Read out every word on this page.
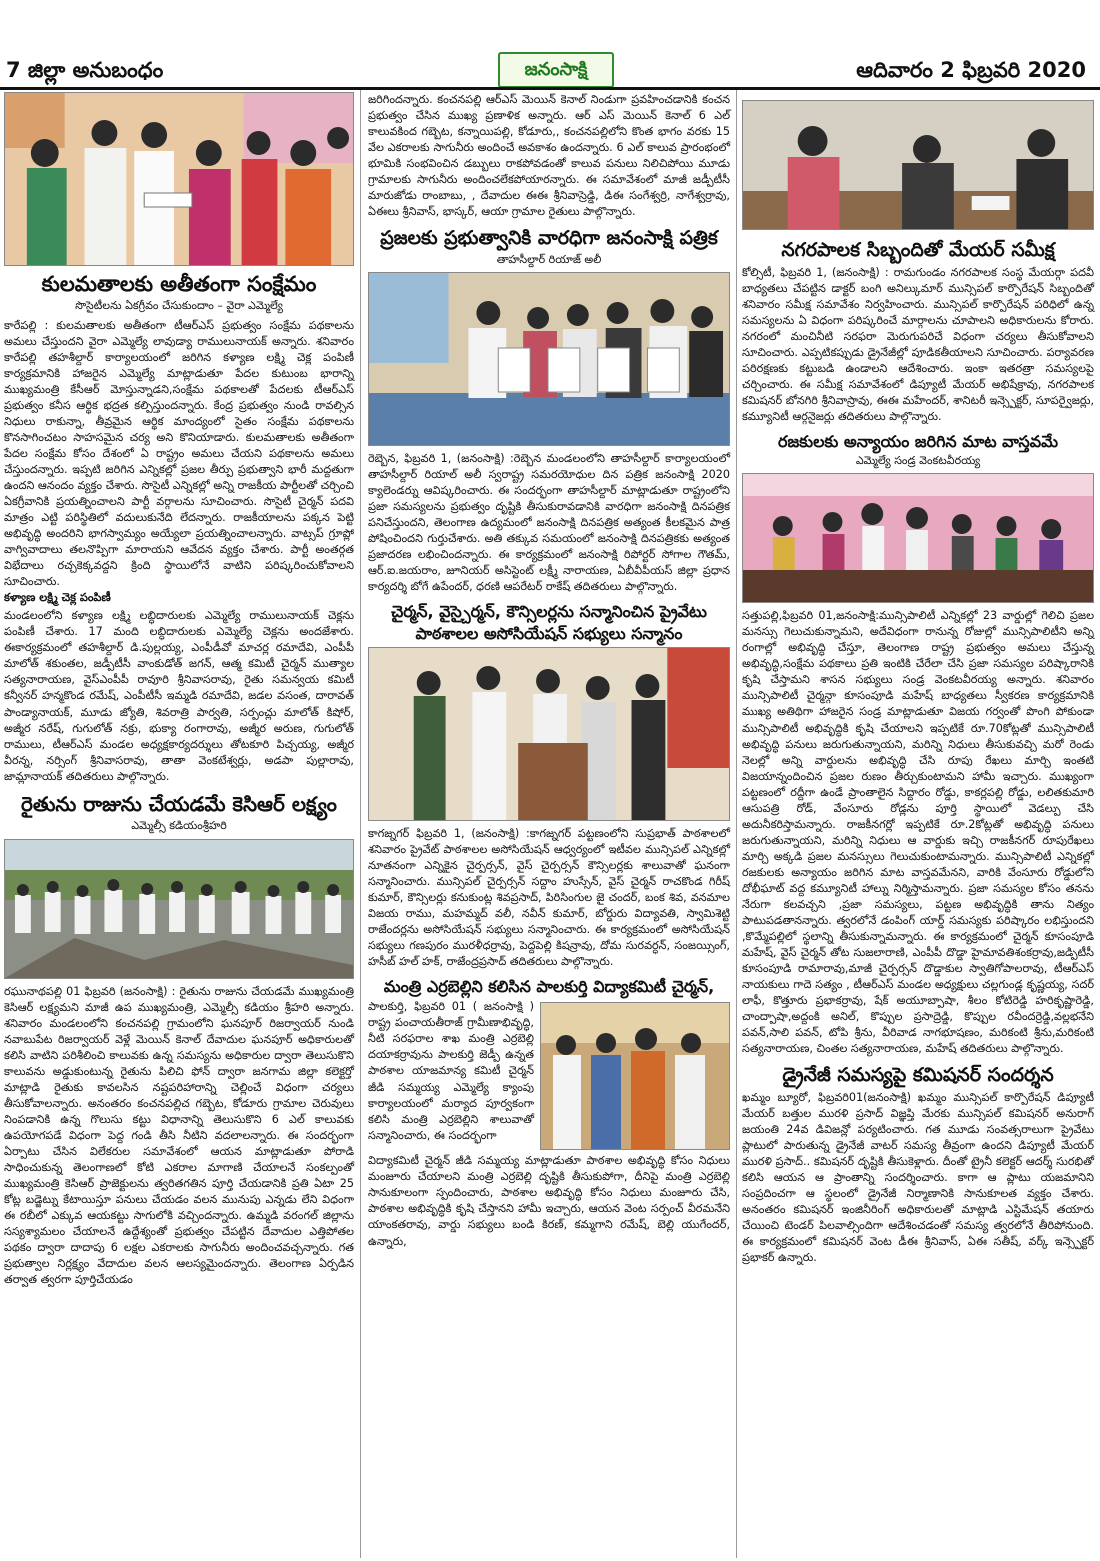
7 జిల్లా అనుబంధం	జనంసాక్షి	ఆదివారం 2 ఫిబ్రవరి 2020
కులమతాలకు అతీతంగా సంక్షేమం
సొసైటీలను ఏకగ్రీవం చేసుకుందాం – వైరా ఎమ్మెల్యే

కారేపల్లి : కులమతాలకు అతీతంగా టీఆర్ఎస్ ప్రభుత్వం సంక్షేమ పథకాలను అమలు చేస్తుందని వైరా ఎమ్మెల్యే లావుడ్యా రాములునాయక్ అన్నారు. శనివారం కారేపల్లి తహశీల్దార్ కార్యాలయంలో జరిగిన కళ్యాణ లక్ష్మి చెక్ల పంపిణీ కార్యక్రమానికి హాజరైన ఎమ్మెల్యే మాట్లాడుతూ పేదల కుటుంబ భారాన్ని ముఖ్యమంత్రి కేసీఆర్ మోస్తున్నాడని,సంక్షేమ పథకాలతో పేదలకు టీఆర్ఎస్ ప్రభుత్వం కనీస ఆర్థిక భద్రత కల్పిస్తుందన్నారు. కేంద్ర ప్రభుత్వం నుండి రావల్సిన నిధులు రాకున్నా, తీవ్రమైన ఆర్థిక మాంద్యంలో సైతం సంక్షేమ పథకాలను కొనసాగించటం సాహసమైన చర్య అని కొనియాడారు. కులమతాలకు అతీతంగా పేదల సంక్షేమ కోసం దేశంలో ఏ రాష్ట్రం అమలు చేయని పథకాలను అమలు చేస్తుందన్నారు. ఇప్పటి జరిగిన ఎన్నికల్లో ప్రజల తీర్పు ప్రభుత్వాని భారీ మద్దతుగా ఉందని ఆనందం వ్యక్తం చేశారు. సొసైటీ ఎన్నికల్లో అన్ని రాజకీయ పార్టీలతో చర్చించి ఏకగ్రీవానికి ప్రయత్నించాలని పార్టీ వర్గాలను సూచించారు. సొసైటీ చైర్మన్ పదవి మాత్రం ఎట్టి పరిస్థితిలో వదులుకునేది లేదన్నారు. రాజకీయాలను పక్కన పెట్టి అభివృద్ధి అందరిని భాగస్వామ్యం అయ్యేలా ప్రయత్నించాలన్నారు. వాట్సప్ గ్రూప్లో వాగ్వివాదాలు తలనొప్పిగా మారాయని ఆవేదన వ్యక్తం చేశారు. పార్టీ అంతర్గత విభేదాలు రచ్చకెక్కవద్దని క్రింది స్థాయిలోనే వాటిని పరిష్కరించుకోవాలని సూచించారు.

కళ్యాణ లక్ష్మి చెక్ల పంపిణీ

మండలంలోని కళ్యాణ లక్ష్మి లబ్ధిదారులకు ఎమ్మెల్యే రాములునాయక్ చెక్లను పంపిణీ చేశారు. 17 మంది లబ్ధిదారులకు ఎమ్మెల్యే చెక్లను అందజేశారు. ఈకార్యక్రమంలో తహశీల్దార్ డి.పుల్లయ్య, ఎంపీడీవో మాచర్ల రమాదేవి, ఎంపీపీ మాలోత్ శకుంతల, జడ్పీటీసీ వాంకుడోత్ జగన్, ఆత్మ కమిటీ చైర్మన్ ముత్యాల సత్యనారాయణ, వైస్ఎంపీపీ రావూరి శ్రీనివాసరావు, రైతు సమన్వయ కమిటీ కన్వీనర్ హన్మకొండ రమేష్, ఎంపీటీసీ ఇమ్మడి రమాదేవి, జడల వసంత, దారావత్ పాండ్యానాయక్, మూడు జ్యోతి, శివరాత్రి పార్వతి, సర్పంచ్లు మాలోత్ కిషోర్, అజ్మీర నరేష్, గుగులోత్ నక్రు, భుక్యా రంగారావు, అజ్మీర అరుణ, గుగులోత్ రాములు, టీఆర్ఎస్ మండల అధ్యక్షకార్యదర్శులు తోటకూరి పిచ్చయ్య, అజ్మీర వీరన్న, నర్సింగ్ శ్రీనివాసరావు, తాతా వెంకటేశ్వర్లు, అడపా పుల్లారావు, జామ్లానాయక్ తదితరులు పాల్గొన్నారు.

రైతును రాజును చేయడమే కెసిఆర్ లక్ష్యం
ఎమ్మెల్సీ కడియంశ్రీహరి

రఘునాథపల్లి 01 ఫిబ్రవరి (జనంసాక్షి) : రైతును రాజును చేయడమే ముఖ్యమంత్రి కెసిఆర్ లక్ష్యమని మాజీ ఉప ముఖ్యమంత్రి, ఎమ్మెల్సీ కడియం శ్రీహరి అన్నారు. శనివారం మండలంలోని కంచనపల్లి గ్రామంలోని ఘనపూర్ రిజర్వాయర్ నుండి నవాబుపేట రిజర్వాయర్ వెళ్లే మెయిన్ కెనాల్ దేవాదుల ఘనపూర్ అధికారులతో కలిసి వాటిని పరిశీలించి కాలువకు ఉన్న సమస్యను అధికారుల ద్వారా తెలుసుకొని కాలువను అడ్డుకుంటున్న రైతును పిలిచి ఫోన్ ద్వారా జనగామ జిల్లా కలెక్టర్తో మాట్లాడి రైతుకు కావలసిన నష్టపరిహారాన్ని చెల్లించే విధంగా చర్యలు తీసుకోవాలన్నారు. అనంతరం కంచనపల్లిచ గబ్బెట, కోడూరు గ్రామాల చెరువులు నింపడానికి ఉన్న గొలుసు కట్టు విధానాన్ని తెలుసుకొని 6 ఎల్ కాలువకు ఉపయోగపడే విధంగా పెద్ద గండి తీసి నీటిని వదలాలన్నారు. ఈ సందర్భంగా ఏర్పాటు చేసిన విలేకరుల సమావేశంలో ఆయన మాట్లాడుతూ పోరాడి సాధించుకున్న తెలంగాణలో కోటి ఎకరాల మాగాణి చేయాలనే సంకల్పంతో ముఖ్యమంత్రి కెసిఆర్ ప్రాజెక్టులను త్వరితగతిన పూర్తి చేయడానికి ప్రతి ఏటా 25 కోట్ల బడ్జెట్ను కేటాయిస్తూ పనులు చేయడం వలన మునుపు ఎన్నడు లేని విధంగా ఈ రబీలో ఎక్కువ ఆయకట్టు సాగులోకి వచ్చిందన్నారు. ఉమ్మడి వరంగల్ జిల్లాను సస్యశ్యామలం చేయాలనే ఉద్దేశ్యంతో ప్రభుత్వం చేపట్టిన దేవాదుల ఎత్తిపోతల పథకం ద్వారా దాదాపు 6 లక్షల ఎకరాలకు సాగునీరు అందించవచ్చన్నారు. గత ప్రభుత్వాల నిర్లక్ష్యం వేదాదుల వలన ఆలస్యమైందన్నారు. తెలంగాణ ఏర్పడిన తర్వాత త్వరగా పూర్తిచేయడం

జరిగిందన్నారు. కంచనపల్లి ఆర్ఎస్ మెయిన్ కెనాల్ నిండుగా ప్రవహించడానికి కంచన ప్రభుత్వం చేసిన ముఖ్య ప్రణాళిక అన్నారు. ఆర్ ఎస్ మెయిన్ కెనాల్ 6 ఎల్ కాలువకింద గబ్బెట, కన్నాయిపల్లి, కోడూరు,, కంచనపల్లిలోని కొంత భాగం వరకు 15 వేల ఎకరాలకు సాగునీరు అందించే అవకాశం ఉందన్నారు. 6 ఎల్ కాలువ ప్రారంభంలో భూమికి సంభవించిన డబ్బులు రాకపోవడంతో కాలువ పనులు నిలిచిపోయి మూడు గ్రామాలకు సాగునీరు అందించలేకపోయారన్నారు. ఈ సమావేశంలో మాజీ జడ్పీటీసీ మారుజోడు రాంబాబు, , దేవాదుల ఈఈ శ్రీనివాస్రెడ్డి, డిఈ సంగేశ్వర్రి, నాగేశ్వర్రావు, ఏఈలు శ్రీనివాస్, భాస్కర్, ఆయా గ్రామాల రైతులు పాల్గొన్నారు.

ప్రజలకు ప్రభుత్వానికి వారధిగా జనంసాక్షి పత్రిక
తాహసీల్దార్ రియాజ్ అలీ

రెబ్బెన, ఫిబ్రవరి 1, (జనంసాక్షి) :రెబ్బెన మండలంలోని తాహసీల్దార్ కార్యాలయంలో తాహసీల్దార్ రియాల్ అలీ స్వరాష్ట్ర సమరయోధుల దిన పత్రిక జనంసాక్షి 2020 క్యాలెండర్ను ఆవిష్కరించారు. ఈ సందర్భంగా తాహసీల్దార్ మాట్లాడుతూ రాష్ట్రంలోని ప్రజా సమస్యలను ప్రభుత్వం దృష్టికి తీసుకురావడానికి వారధిగా జనంసాక్షి దినపత్రిక పనిచేస్తుందని, తెలంగాణ ఉద్యమంలో జనంసాక్షి దినపత్రిక అత్యంత కీలకమైన పాత్ర పోషించిందని గుర్తుచేశారు. అతి తక్కువ సమయంలో జనంసాక్షి దినపత్రికకు అత్యంత ప్రజాదరణ లభించిందన్నారు. ఈ కార్యక్రమంలో జనంసాక్షి రిపోర్టర్ సోగాల గౌతమ్, ఆర్.ఐ.జయరాం, జూనియర్ అసిస్టెంట్ లక్ష్మీ నారాయణ, ఏబీవీపీయస్ జిల్లా ప్రధాన కార్యదర్శి బోగే ఉపేందర్, ధరణి ఆపరేటర్ రాకేష్ తదితరులు పాల్గొన్నారు.

చైర్మన్, వైస్చైర్మన్, కౌన్సిలర్లను సన్మానించిన ప్రైవేటు
పాఠశాలల అసోసియేషన్ సభ్యులు సన్మానం

కాగజ్నగర్ ఫిబ్రవరి 1, (జనంసాక్షి) :కాగజ్నగర్ పట్టణంలోని సుప్రభాత్ పాఠశాలలో శనివారం ప్రైవేట్ పాఠశాలల అసోసియేషన్ ఆధ్వర్యంలో ఇటీవల మున్సిపల్ ఎన్నికల్లో నూతనంగా ఎన్నికైన చైర్పర్సన్, వైస్ చైర్పర్సన్ కౌన్సిలర్లకు శాలువాతో ఘనంగా సన్మానించారు. మున్సిపల్ చైర్పర్సన్ సద్దాం హుస్సేన్, వైస్ చైర్మన్ రాచకొండ గిరీష్ కుమార్, కౌన్సిలర్లు కనుకుంట్ల శివప్రసాద్, పిరిసింగుల జై చందర్, బంక శివ, వనమాల విజయ రాము, మహమ్మద్ వలీ, నవీన్ కుమార్, బోర్డురు విద్యావతి, స్వామిశెట్టి రాజేందర్లను అసోసియేషన్ సభ్యులు సన్మానించారు. ఈ కార్యక్రమంలో అసోసియేషన్ సభ్యులు గణపురం మురళీధర్రావు, పెద్దపెల్లి కిషన్రావు, దోమ సురవర్ధన్, సంజయ్సింగ్, హసీబ్ హల్ హక్, రాజేంద్రప్రసాద్ తదితరులు పాల్గొన్నారు.

మంత్రి ఎర్రబెల్లిని కలిసిన పాలకుర్తి విద్యాకమిటీ చైర్మన్,

పాలకుర్తి, ఫిబ్రవరి 01 ( జనంసాక్షి ) రాష్ట్ర పంచాయతీరాజ్ గ్రామీణాభివృద్ధి, నీటి సరఫరాల శాఖ మంత్రి ఎర్రబెల్లి దయాకర్రావును పాలకుర్తి జెడ్పీ ఉన్నత పాఠశాల యాజమాన్య కమిటీ చైర్మన్ జీడి సమ్మయ్య ఎమ్మెల్యే క్యాంపు కార్యాలయంలో మర్యాద పూర్వకంగా కలిసి మంత్రి ఎర్రబెల్లిని శాలువాతో సన్మానించారు, ఈ సందర్భంగా

విద్యాకమిటీ చైర్మన్ జీడి సమ్మయ్య మాట్లాడుతూ పాఠశాల అభివృద్ధి కోసం నిధులు మంజూరు చేయాలని మంత్రి ఎర్రబెల్లి దృష్టికి తీసుకుపోగా, దీనిపై మంత్రి ఎర్రబెల్లి సానుకూలంగా స్పందించారు, పాఠశాల అభివృద్ధి కోసం నిధులు మంజూరు చేసి, పాఠశాల అభివృద్ధికి కృషి చేస్తానని హామీ ఇచ్చారు, ఆయన వెంట సర్పంచ్ వీరమనేని యాంకతరావు, వార్డు సభ్యులు బండి కిరణ్, కమ్మగాని రమేష్, బెల్లి యుగేందర్, ఉన్నారు,

నగరపాలక సిబ్బందితో మేయర్ సమీక్ష

కోల్సిటీ, ఫిబ్రవరి 1, (జనంసాక్షి) : రామగుండం నగరపాలక సంస్థ మేయర్గా పదవీ బాధ్యతలు చేపట్టిన డాక్టర్ బంగి అనిల్కుమార్ మున్సిపల్ కార్పొరేషన్ సిబ్బందితో శనివారం సమీక్ష సమావేశం నిర్వహించారు. మున్సిపల్ కార్పొరేషన్ పరిధిలో ఉన్న సమస్యలను ఏ విధంగా పరిష్కరించే మార్గాలను చూపాలని అధికారులను కోరారు. నగరంలో మంచినీటి సరఫరా మెరుగుపరిచే విధంగా చర్యలు తీసుకోవాలని సూచించారు. ఎప్పటికప్పుడు డ్రైనేజీల్లో పూడికతీయాలని సూచించారు. పర్యావరణ పరిరక్షణకు కట్టుబడి ఉండాలని ఆదేశించారు. ఇంకా ఇతరత్రా సమస్యలపై చర్చించారు. ఈ సమీక్ష సమావేశంలో డిప్యూటీ మేయర్ అభిషేక్రావు, నగరపాలక కమిషనర్ బోనగిరి శ్రీనివాస్రావు, ఈఈ మహేందర్, శానిటరీ ఇన్స్పెక్టర్, సూపర్వైజర్లు, కమ్యూనిటీ ఆర్గనైజర్లు తదితరులు పాల్గొన్నారు.

రజకులకు అన్యాయం జరిగిన మాట వాస్తవమే
ఎమ్మెల్యే సండ్ర వెంకటవీరయ్య

సత్తుపల్లి,ఫిబ్రవరి 01,జనంసాక్షి:మున్సిపాలిటీ ఎన్నికల్లో 23 వార్డుల్లో గెలిచి ప్రజల మనస్సు గెలుచుకున్నామని, అదేవిధంగా రానున్న రోజుల్లో మున్సిపాలిటీని అన్ని రంగాల్లో అభివృద్ధి చేస్తూ, తెలంగాణ రాష్ట్ర ప్రభుత్వం అమలు చేస్తున్న అభివృద్ధి,సంక్షేమ పథకాలు ప్రతి ఇంటికి చేరేలా చేసి ప్రజా సమస్యల పరిష్కారానికి కృషి చేస్తామని శాసన సభ్యులు సండ్ర వెంకటవీరయ్య అన్నారు. శనివారం మున్సిపాలిటీ చైర్మన్గా కూసంపూడి మహేష్ బాధ్యతలు స్వీకరణ కార్యక్రమానికి ముఖ్య అతిథిగా హాజరైన సండ్ర మాట్లాడుతూ విజయ గర్వంతో పొంగి పోకుండా మున్సిపాలిటీ అభివృద్ధికి కృషి చేయాలని ఇప్పటికే రూ.70కోట్లతో మున్సిపాలిటీ అభివృద్ధి పనులు జరుగుతున్నాయని, మరిన్ని నిధులు తీసుకువచ్చి మరో రెండు నెలల్లో అన్ని వార్డులను అభివృద్ధి చేసి రూపు రేఖలు మార్చి ఇంతటి విజయాన్నందించిన ప్రజల రుణం తీర్చుకుంటామని హామీ ఇచ్చారు. ముఖ్యంగా పట్టణంలో రద్దీగా ఉండే ప్రాంతాలైన సిద్దారం రోడ్డు, కాకర్లపల్లి రోడ్డు, లలితకుమారి ఆసుపత్రి రోడ్, వేంసూరు రోడ్లను పూర్తి స్థాయిలో వెడల్పు చేసి అదునీకరిస్తామన్నారు. రాజకీనగర్లో ఇప్పటికే రూ.2కోట్లతో అభివృద్ధి పనులు జరుగుతున్నాయని, మరిన్ని నిధులు ఆ వార్డుకు ఇచ్చి రాజకీనగర్ రూపురేఖలు మార్చి అక్కడి ప్రజల మనస్సులు గెలుచుకుంటామన్నారు. మున్సిపాలిటీ ఎన్నికల్లో రజకులకు అన్యాయం జరిగిన మాట వాస్తవమేనని, వారికి వేంసూరు రోడ్డులోని దోభీఘాట్ వద్ద కమ్యూనిటీ హాల్ను నిర్మిస్తామన్నారు. ప్రజా సమస్యల కోసం తనను నేరుగా కలవచ్చని ,ప్రజా సమస్యలు, పట్టణ అభివృద్ధికి తాను నిత్యం పాటుపడతానన్నారు. త్వరలోనే డంపింగ్ యార్డ్ సమస్యకు పరిష్కారం లభిస్తుందని ,కొమ్మేపల్లిలో స్థలాన్ని తీసుకున్నామన్నారు. ఈ కార్యక్రమంలో చైర్మన్ కూసంపూడి మహేష్, వైస్ చైర్మన్ తోట సుజలారాణి, ఎంపీపీ దొడ్డా హైమావతిశంకర్రావు,జడ్పిటీసీ కూసంపూడి రామారావు,మాజీ చైర్పర్సన్ దొడ్డాకుల స్వాతిగోపాలరావు, టీఆర్ఎస్ నాయకులు గాదె సత్యం , టీఆర్ఎస్ మండల అధ్యక్షులు చల్లగుండ్ల కృష్ణయ్య, సదర్ లాఫీ, కొత్తూరు ప్రభాకర్రావు, షేక్ అయూబ్పాషా, శీలం కోటిరెడ్డి హరికృష్ణారెడ్డి, చాంద్పాషా,అద్దంకి అనిల్, కొప్పుల ప్రసాద్రెడ్డి, కొప్పుల రవీందర్రెడ్డి,వల్లభనేని పవన్,సాలి పవన్, టోపి శ్రీను, వీరివాడ నాగభూషణం, మరికంటి శ్రీను,మరికంటి సత్యనారాయణ, చింతల సత్యనారాయణ, మహేష్ తదితరులు పాల్గొన్నారు.

డ్రైనేజీ సమస్యపై కమిషనర్ సందర్శన

ఖమ్మం బ్యూరో, ఫిబ్రవరి01(జనంసాక్షి) ఖమ్మం మున్సిపల్ కార్పొరేషన్ డిప్యూటీ మేయర్ బత్తుల మురళి ప్రసాద్ విజ్ఞప్తి మేరకు మున్సిపల్ కమిషనర్ అనురాగ్ జయంతి 24వ డివిజన్లో పర్యటించారు. గత మూడు సంవత్సరాలుగా ప్రైవేటు ప్లాటులో పారుతున్న డ్రైనేజీ వాటర్ సమస్య తీవ్రంగా ఉందని డిప్యూటీ మేయర్ మురళి ప్రసాద్.. కమిషనర్ దృష్టికి తీసుకెళ్లారు. దీంతో ట్రైనీ కలెక్టర్ ఆదర్శ్ సురభితో కలిసి ఆయన ఆ ప్రాంతాన్ని సందర్శించారు. కాగా ఆ ప్లాటు యజమానిని సంప్రదించగా ఆ స్థలంలో డ్రైనేజీ నిర్మాణానికి సానుకూలత వ్యక్తం చేశారు. అనంతరం కమిషనర్ ఇంజినీరింగ్ అధికారులతో మాట్లాడి ఎస్టిమేషన్ తయారు చేయించి టెండర్ పిలవాల్సిందిగా ఆదేశించడంతో సమస్య త్వరలోనే తీరిపోనుంది. ఈ కార్యక్రమంలో కమిషనర్ వెంట డీఈ శ్రీనివాస్, ఏఈ సతీష్, వర్క్ ఇన్స్పెక్టర్ ప్రభాకర్ ఉన్నారు.
